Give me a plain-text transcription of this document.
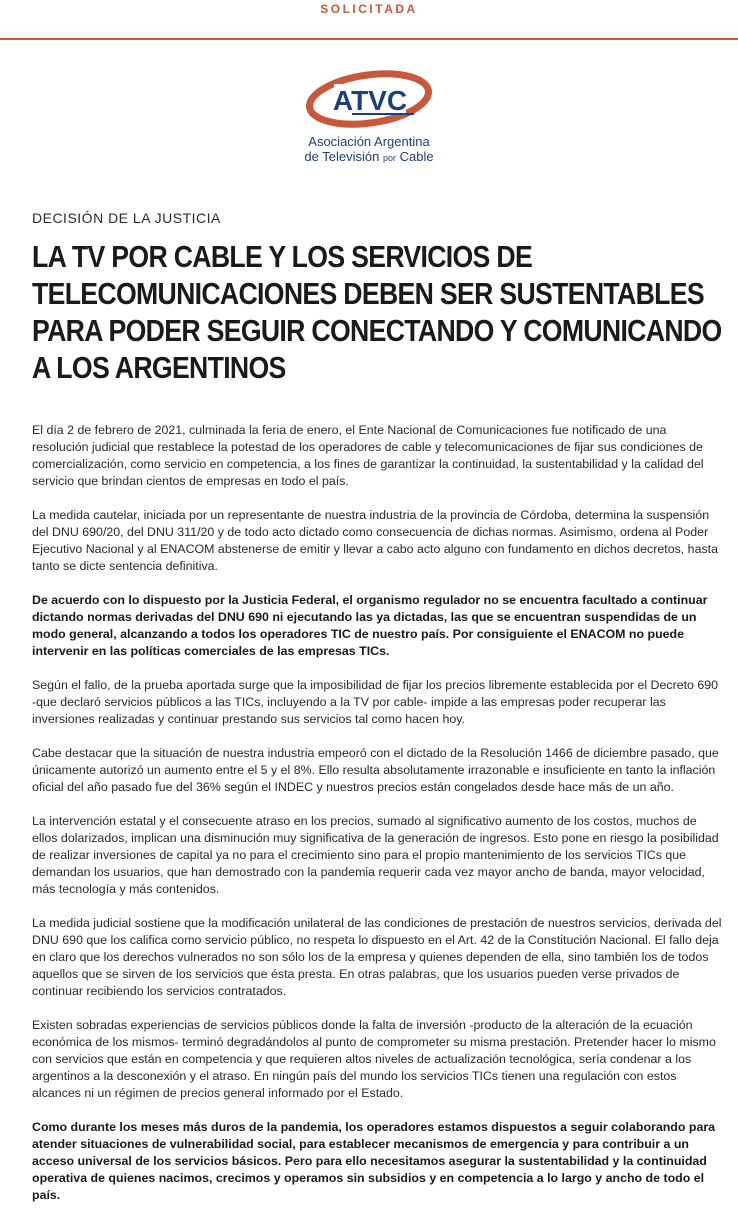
SOLICITADA
ATVC
Asociación Argentina
de Televisión por Cable
DECISIÓN DE LA JUSTICIA
LA TV POR CABLE Y LOS SERVICIOS DE
TELECOMUNICACIONES DEBEN SER SUSTENTABLES
PARA PODER SEGUIR CONECTANDO Y COMUNICANDO
A LOS ARGENTINOS

El día 2 de febrero de 2021, culminada la feria de enero, el Ente Nacional de Comunicaciones fue notificado de una resolución judicial que restablece la potestad de los operadores de cable y telecomunicaciones de fijar sus condiciones de comercialización, como servicio en competencia, a los fines de garantizar la continuidad, la sustentabilidad y la calidad del servicio que brindan cientos de empresas en todo el país.

La medida cautelar, iniciada por un representante de nuestra industria de la provincia de Córdoba, determina la suspensión del DNU 690/20, del DNU 311/20 y de todo acto dictado como consecuencia de dichas normas. Asimismo, ordena al Poder Ejecutivo Nacional y al ENACOM abstenerse de emitir y llevar a cabo acto alguno con fundamento en dichos decretos, hasta tanto se dicte sentencia definitiva.

De acuerdo con lo dispuesto por la Justicia Federal, el organismo regulador no se encuentra facultado a continuar dictando normas derivadas del DNU 690 ni ejecutando las ya dictadas, las que se encuentran suspendidas de un modo general, alcanzando a todos los operadores TIC de nuestro país. Por consiguiente el ENACOM no puede intervenir en las políticas comerciales de las empresas TICs.

Según el fallo, de la prueba aportada surge que la imposibilidad de fijar los precios libremente establecida por el Decreto 690 -que declaró servicios públicos a las TICs, incluyendo a la TV por cable- impide a las empresas poder recuperar las inversiones realizadas y continuar prestando sus servicios tal como hacen hoy.

Cabe destacar que la situación de nuestra industria empeoró con el dictado de la Resolución 1466 de diciembre pasado, que únicamente autorizó un aumento entre el 5 y el 8%. Ello resulta absolutamente irrazonable e insuficiente en tanto la inflación oficial del año pasado fue del 36% según el INDEC y nuestros precios están congelados desde hace más de un año.

La intervención estatal y el consecuente atraso en los precios, sumado al significativo aumento de los costos, muchos de ellos dolarizados, implican una disminución muy significativa de la generación de ingresos. Esto pone en riesgo la posibilidad de realizar inversiones de capital ya no para el crecimiento sino para el propio mantenimiento de los servicios TICs que demandan los usuarios, que han demostrado con la pandemia requerir cada vez mayor ancho de banda, mayor velocidad, más tecnología y más contenidos.

La medida judicial sostiene que la modificación unilateral de las condiciones de prestación de nuestros servicios, derivada del DNU 690 que los califica como servicio público, no respeta lo dispuesto en el Art. 42 de la Constitución Nacional. El fallo deja en claro que los derechos vulnerados no son sólo los de la empresa y quienes dependen de ella, sino también los de todos aquellos que se sirven de los servicios que ésta presta. En otras palabras, que los usuarios pueden verse privados de continuar recibiendo los servicios contratados.

Existen sobradas experiencias de servicios públicos donde la falta de inversión -producto de la alteración de la ecuación económica de los mismos- terminó degradándolos al punto de comprometer su misma prestación. Pretender hacer lo mismo con servicios que están en competencia y que requieren altos niveles de actualización tecnológica, sería condenar a los argentinos a la desconexión y el atraso. En ningún país del mundo los servicios TICs tienen una regulación con estos alcances ni un régimen de precios general informado por el Estado.

Como durante los meses más duros de la pandemia, los operadores estamos dispuestos a seguir colaborando para atender situaciones de vulnerabilidad social, para establecer mecanismos de emergencia y para contribuir a un acceso universal de los servicios básicos. Pero para ello necesitamos asegurar la sustentabilidad y la continuidad operativa de quienes nacimos, crecimos y operamos sin subsidios y en competencia a lo largo y ancho de todo el país.
